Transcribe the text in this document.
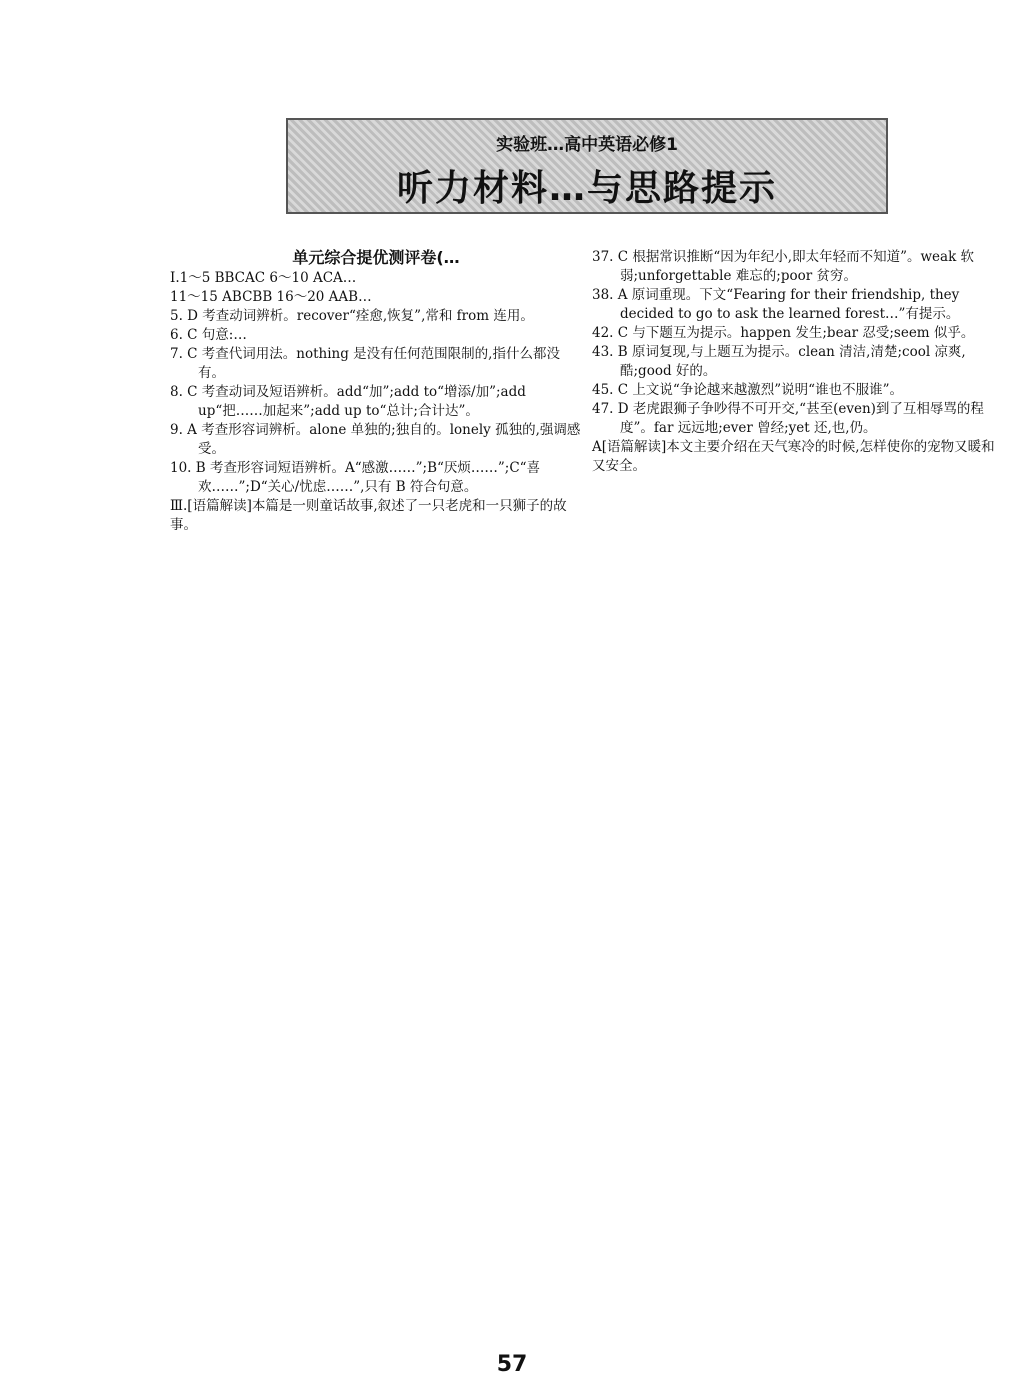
实验班…高中英语必修1
听力材料…与思路提示

单元综合提优测评卷(…

Ⅰ.1～5 BBCAC 6～10 ACA…

11～15 ABCBB 16～20 AAB…

5. D 考查动词辨析。recover“痊愈,恢复”,常和 from 连用。

6. C 句意:…

7. C 考查代词用法。nothing 是没有任何范围限制的,指什么都没有。

8. C 考查动词及短语辨析。add“加”;add to“增添/加”;add up“把……加起来”;add up to“总计;合计达”。

9. A 考查形容词辨析。alone 单独的;独自的。lonely 孤独的,强调感受。

10. B 考查形容词短语辨析。A“感激……”;B“厌烦……”;C“喜欢……”;D“关心/忧虑……”,只有 B 符合句意。

Ⅲ.[语篇解读]本篇是一则童话故事,叙述了一只老虎和一只狮子的故事。

37. C 根据常识推断“因为年纪小,即太年轻而不知道”。weak 软弱;unforgettable 难忘的;poor 贫穷。

38. A 原词重现。下文“Fearing for their friendship, they decided to go to ask the learned forest…”有提示。

42. C 与下题互为提示。happen 发生;bear 忍受;seem 似乎。

43. B 原词复现,与上题互为提示。clean 清洁,清楚;cool 凉爽,酷;good 好的。

45. C 上文说“争论越来越激烈”说明“谁也不服谁”。

47. D 老虎跟狮子争吵得不可开交,“甚至(even)到了互相辱骂的程度”。far 远远地;ever 曾经;yet 还,也,仍。

A[语篇解读]本文主要介绍在天气寒冷的时候,怎样使你的宠物又暖和又安全。

57
